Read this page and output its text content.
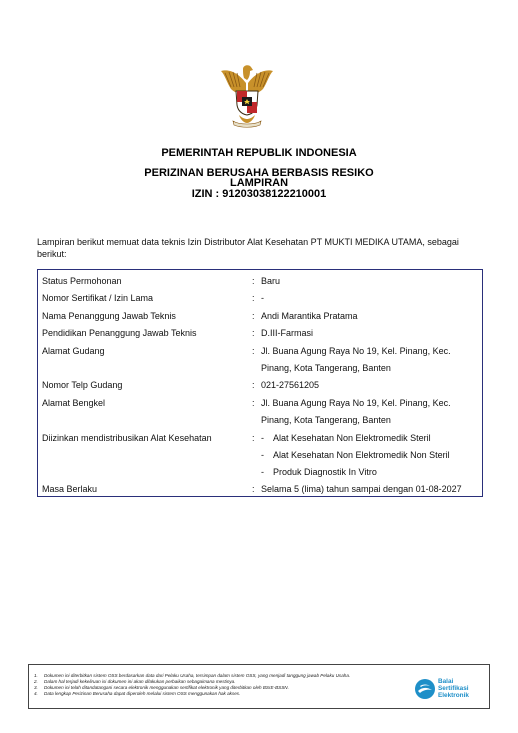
PEMERINTAH REPUBLIK INDONESIA
PERIZINAN BERUSAHA BERBASIS RESIKO
LAMPIRAN
IZIN : 91203038122210001
Lampiran berikut memuat data teknis Izin Distributor Alat Kesehatan PT MUKTI MEDIKA UTAMA, sebagai berikut:
Status Permohonan	: Baru
Nomor Sertifikat / Izin Lama	: -
Nama Penanggung Jawab Teknis	: Andi Marantika Pratama
Pendidikan Penanggung Jawab Teknis	: D.III-Farmasi
Alamat Gudang	: Jl. Buana Agung Raya No 19, Kel. Pinang, Kec.
Pinang, Kota Tangerang, Banten
Nomor Telp Gudang	: 021-27561205
Alamat Bengkel	: Jl. Buana Agung Raya No 19, Kel. Pinang, Kec.
Pinang, Kota Tangerang, Banten
Diizinkan mendistribusikan Alat Kesehatan	: - Alat Kesehatan Non Elektromedik Steril
- Alat Kesehatan Non Elektromedik Non Steril
- Produk Diagnostik In Vitro
Masa Berlaku	: Selama 5 (lima) tahun sampai dengan 01-08-2027
1. Dokumen ini diterbitkan sistem OSS berdasarkan data dari Pelaku Usaha, tersimpan dalam sistem OSS, yang menjadi tanggung jawab Pelaku Usaha.
2. Dalam hal terjadi kekeliruan isi dokumen ini akan dilakukan perbaikan sebagaimana mestinya.
3. Dokumen ini telah ditandatangani secara elektronik menggunakan sertifikat elektronik yang diterbitkan oleh BSrE-BSSN.
4. Data lengkap Perizinan Berusaha dapat diperoleh melalui sistem OSS menggunakan hak akses.
Balai
Sertifikasi
Elektronik
